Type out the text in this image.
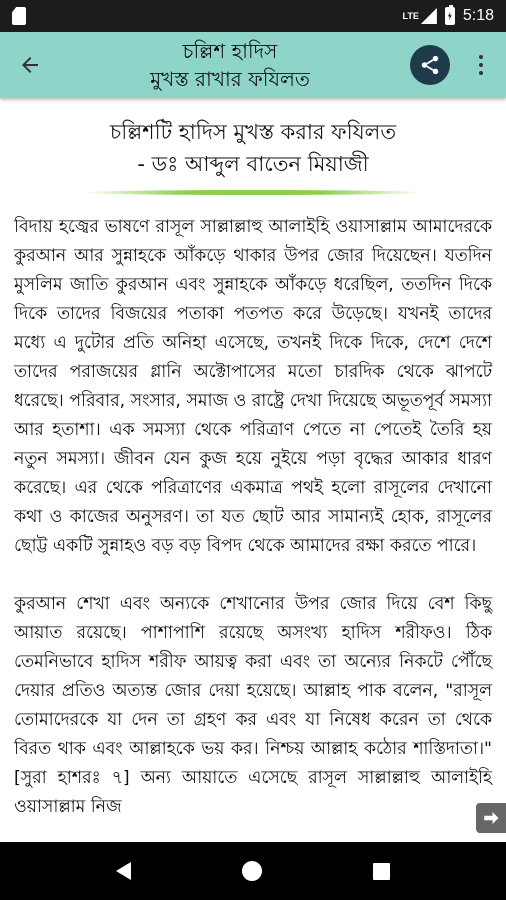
LTE	5:18
চল্লিশ হাদিস
মুখস্ত রাখার ফযিলত
চল্লিশটি হাদিস মুখস্ত করার ফযিলত
- ডঃ আব্দুল বাতেন মিয়াজী

বিদায় হজ্বের ভাষণে রাসূল সাল্লাল্লাহু আলাইহি ওয়াসাল্লাম আমাদেরকে কুরআন আর সুন্নাহকে আঁকড়ে থাকার উপর জোর দিয়েছেন। যতদিন মুসলিম জাতি কুরআন এবং সুন্নাহকে আঁকড়ে ধরেছিল, ততদিন দিকে দিকে তাদের বিজয়ের পতাকা পতপত করে উড়েছে। যখনই তাদের মধ্যে এ দুটোর প্রতি অনিহা এসেছে, তখনই দিকে দিকে, দেশে দেশে তাদের পরাজয়ের গ্লানি অক্টোপাসের মতো চারদিক থেকে ঝাপটে ধরেছে। পরিবার, সংসার, সমাজ ও রাষ্ট্রে দেখা দিয়েছে অভূতপূর্ব সমস্যা আর হতাশা। এক সমস্যা থেকে পরিত্রাণ পেতে না পেতেই তৈরি হয় নতুন সমস্যা। জীবন যেন কুজ হয়ে নুইয়ে পড়া বৃদ্ধের আকার ধারণ করেছে। এর থেকে পরিত্রাণের একমাত্র পথই হলো রাসূলের দেখানো কথা ও কাজের অনুসরণ। তা যত ছোট আর সামান্যই হোক, রাসূলের ছোট্ট একটি সুন্নাহও বড় বড় বিপদ থেকে আমাদের রক্ষা করতে পারে।

কুরআন শেখা এবং অন্যকে শেখানোর উপর জোর দিয়ে বেশ কিছু আয়াত রয়েছে। পাশাপাশি রয়েছে অসংখ্য হাদিস শরীফও। ঠিক তেমনিভাবে হাদিস শরীফ আয়ত্ব করা এবং তা অন্যের নিকটে পৌঁছে দেয়ার প্রতিও অত্যন্ত জোর দেয়া হয়েছে। আল্লাহ পাক বলেন, "রাসূল তোমাদেরকে যা দেন তা গ্রহণ কর এবং যা নিষেধ করেন তা থেকে বিরত থাক এবং আল্লাহকে ভয় কর। নিশ্চয় আল্লাহ কঠোর শাস্তিদাতা।" [সুরা হাশরঃ ৭] অন্য আয়াতে এসেছে রাসূল সাল্লাল্লাহু আলাইহি ওয়াসাল্লাম নিজ
